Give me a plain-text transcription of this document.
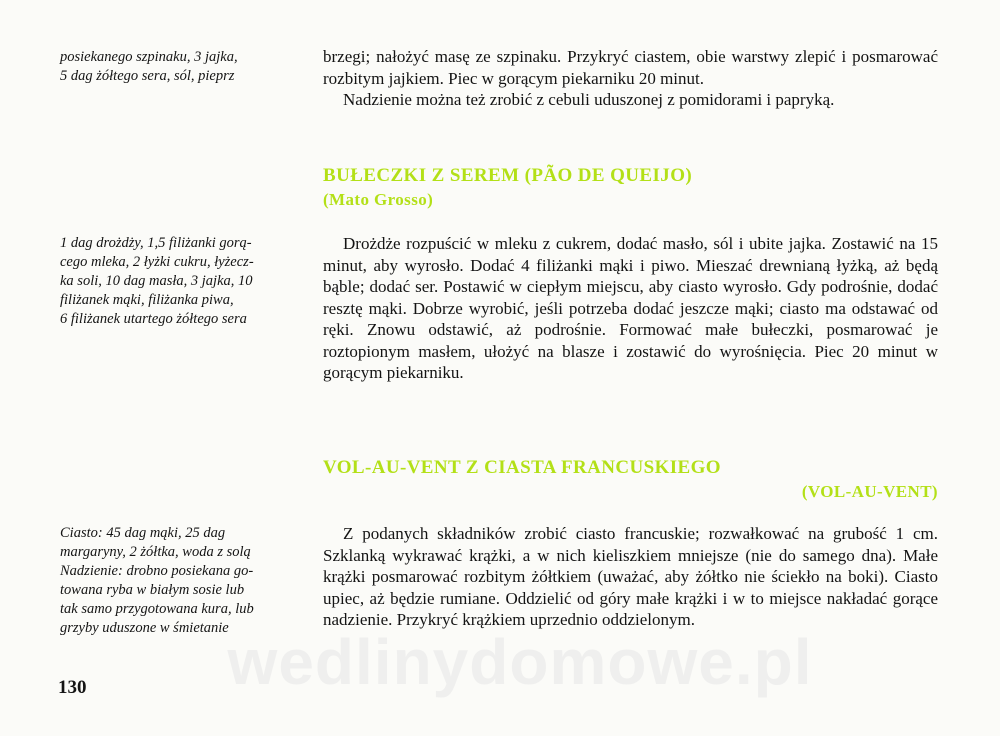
posiekanego szpinaku, 3 jajka,
5 dag żółtego sera, sól, pieprz

brzegi; nałożyć masę ze szpinaku. Przykryć ciastem, obie warstwy zlepić i posmarować rozbitym jajkiem. Piec w gorącym piekarniku 20 minut.

Nadzienie można też zrobić z cebuli uduszonej z pomidorami i papryką.

BUŁECZKI Z SEREM (PÃO DE QUEIJO)
(Mato Grosso)
1 dag drożdży, 1,5 filiżanki gorą-
cego mleka, 2 łyżki cukru, łyżecz-
ka soli, 10 dag masła, 3 jajka, 10
filiżanek mąki, filiżanka piwa,
6 filiżanek utartego żółtego sera

Drożdże rozpuścić w mleku z cukrem, dodać masło, sól i ubite jajka. Zostawić na 15 minut, aby wyrosło. Dodać 4 filiżanki mąki i piwo. Mieszać drewnianą łyżką, aż będą bąble; dodać ser. Postawić w ciepłym miejscu, aby ciasto wyrosło. Gdy podrośnie, dodać resztę mąki. Dobrze wyrobić, jeśli potrzeba dodać jeszcze mąki; ciasto ma odstawać od ręki. Znowu odstawić, aż podrośnie. Formować małe bułeczki, posmarować je roztopionym masłem, ułożyć na blasze i zostawić do wyrośnięcia. Piec 20 minut w gorącym piekarniku.

VOL-AU-VENT Z CIASTA FRANCUSKIEGO
(VOL-AU-VENT)
Ciasto: 45 dag mąki, 25 dag
margaryny, 2 żółtka, woda z solą
Nadzienie: drobno posiekana go-
towana ryba w białym sosie lub
tak samo przygotowana kura, lub
grzyby uduszone w śmietanie

Z podanych składników zrobić ciasto francuskie; rozwałkować na grubość 1 cm. Szklanką wykrawać krążki, a w nich kieliszkiem mniejsze (nie do samego dna). Małe krążki posmarować rozbitym żółtkiem (uważać, aby żółtko nie ściekło na boki). Ciasto upiec, aż będzie rumiane. Oddzielić od góry małe krążki i w to miejsce nakładać gorące nadzienie. Przykryć krążkiem uprzednio oddzielonym.

wedlinydomowe.pl
130
